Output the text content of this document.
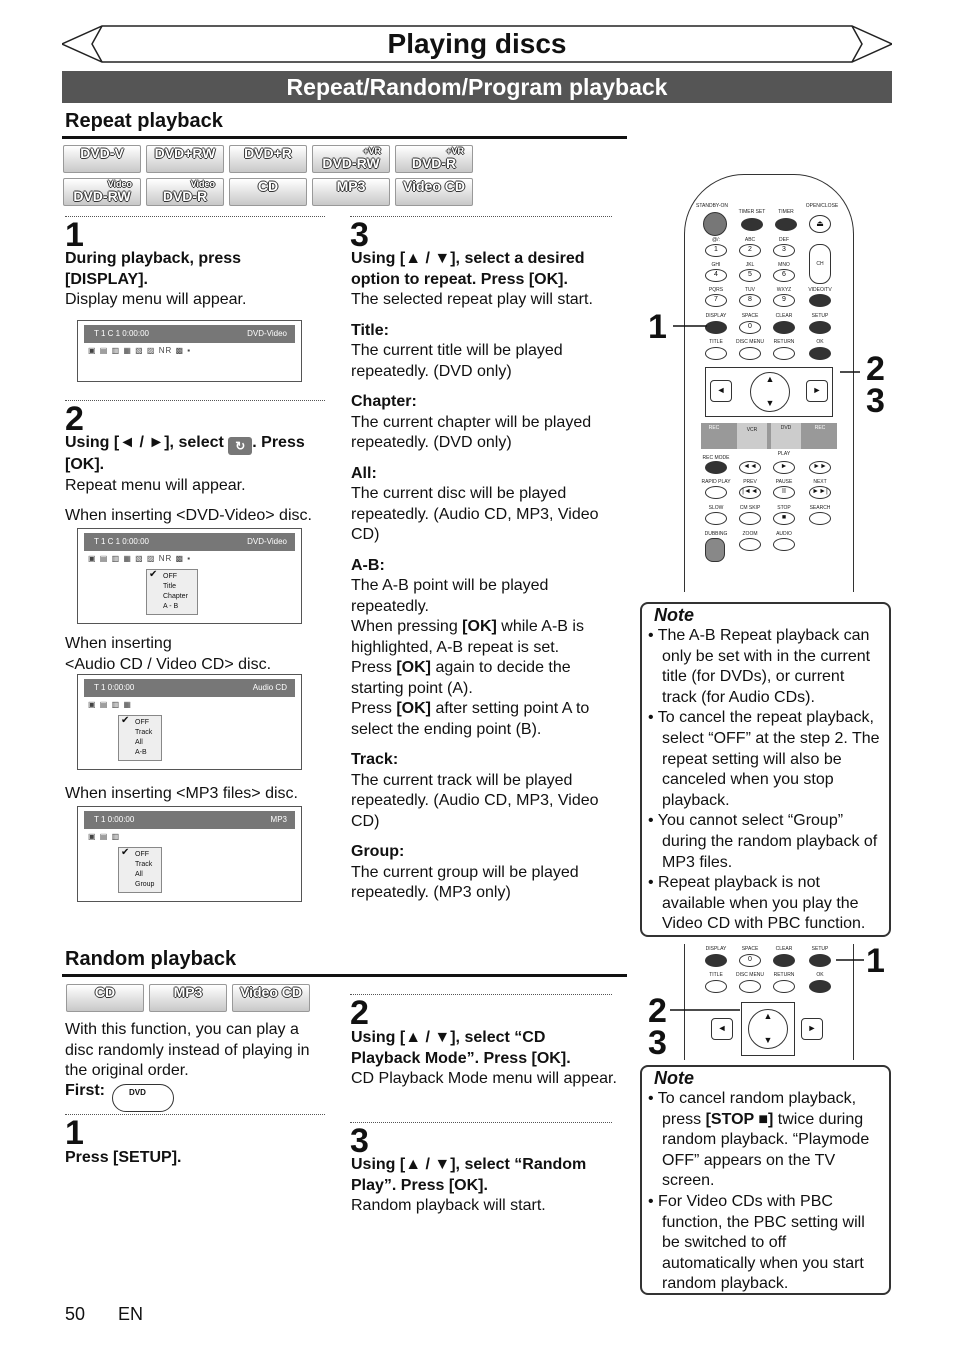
Playing discs
Repeat/Random/Program playback
Repeat playback
DVD-V	DVD+RW	DVD+R	+VR
DVD-RW
+VR
DVD-R
Video
DVD-RW
Video
DVD-R
CD	MP3	Video CD
1
During playback, press [DISPLAY].
Display menu will appear.
T 1 C 1 0:00:00	DVD-Video
▣ ▤ ▥ ▦ ▧ ▨ NR ▩ ▪
2
Using [◄ / ►], select ↻ . Press [OK].
Repeat menu will appear.
When inserting <DVD-Video> disc.
T 1 C 1 0:00:00	DVD-Video
▣ ▤ ▥ ▦ ▧ ▨ NR ▩ ▪
✔ OFF
Title
Chapter
A - B
When inserting
<Audio CD / Video CD> disc.
T 1 0:00:00	Audio CD
▣ ▤ ▥ ▦
✔ OFF
Track
All
A-B
When inserting <MP3 files> disc.
T 1 0:00:00	MP3
▣ ▤ ▥
✔ OFF
Track
All
Group
3
Using [▲ / ▼], select a desired option to repeat. Press [OK].
The selected repeat play will start.
Title:
The current title will be played repeatedly. (DVD only)
Chapter:
The current chapter will be played repeatedly. (DVD only)
All:
The current disc will be played repeatedly. (Audio CD, MP3, Video CD)
A-B:
The A-B point will be played repeatedly.
When pressing [OK] while A-B is highlighted, A-B repeat is set.
Press [OK] again to decide the starting point (A).
Press [OK] after setting point A to select the ending point (B).
Track:
The current track will be played repeatedly. (Audio CD, MP3, Video CD)
Group:
The current group will be played repeatedly. (MP3 only)
STANDBY-ON	OPEN/CLOSE
TIMER SET	TIMER
⏏
@/:	ABC	DEF
1	2	3
CH
GHI	JKL	MNO
4	5	6
PQRS	TUV	WXYZ	VIDEO/TV
7	8	9
DISPLAY	SPACE	CLEAR	SETUP
0
TITLE	DISC MENU	RETURN	OK
◄	►
▲

▼
REC	VCR	DVD	REC
REC MODE
PLAY
◄◄	►	►►
RAPID PLAY	PREV	PAUSE	NEXT
|◄◄	II	►►|
SLOW	CM SKIP	STOP	SEARCH
■
DUBBING	ZOOM	AUDIO
1
2
3
Note
• The A-B Repeat playback can only be set with in the current title (for DVDs), or current track (for Audio CDs).
• To cancel the repeat playback, select “OFF” at the step 2. The repeat setting will also be canceled when you stop playback.
• You cannot select “Group” during the random playback of MP3 files.
• Repeat playback is not available when you play the Video CD with PBC function.
Random playback
CD	MP3	Video CD
With this function, you can play a disc randomly instead of playing in the original order.
First:	DVD
1
Press [SETUP].
2
Using [▲ / ▼], select “CD Playback Mode”. Press [OK].
CD Playback Mode menu will appear.
3
Using [▲ / ▼], select “Random Play”. Press [OK].
Random playback will start.
DISPLAY	SPACE	CLEAR	SETUP
0
TITLE	DISC MENU	RETURN	OK
◄	►
▲

▼
1
2
3
Note
• To cancel random playback, press [STOP ■] twice during random playback. “Playmode OFF” appears on the TV screen.
• For Video CDs with PBC function, the PBC setting will be switched to off automatically when you start random playback.
50 EN
